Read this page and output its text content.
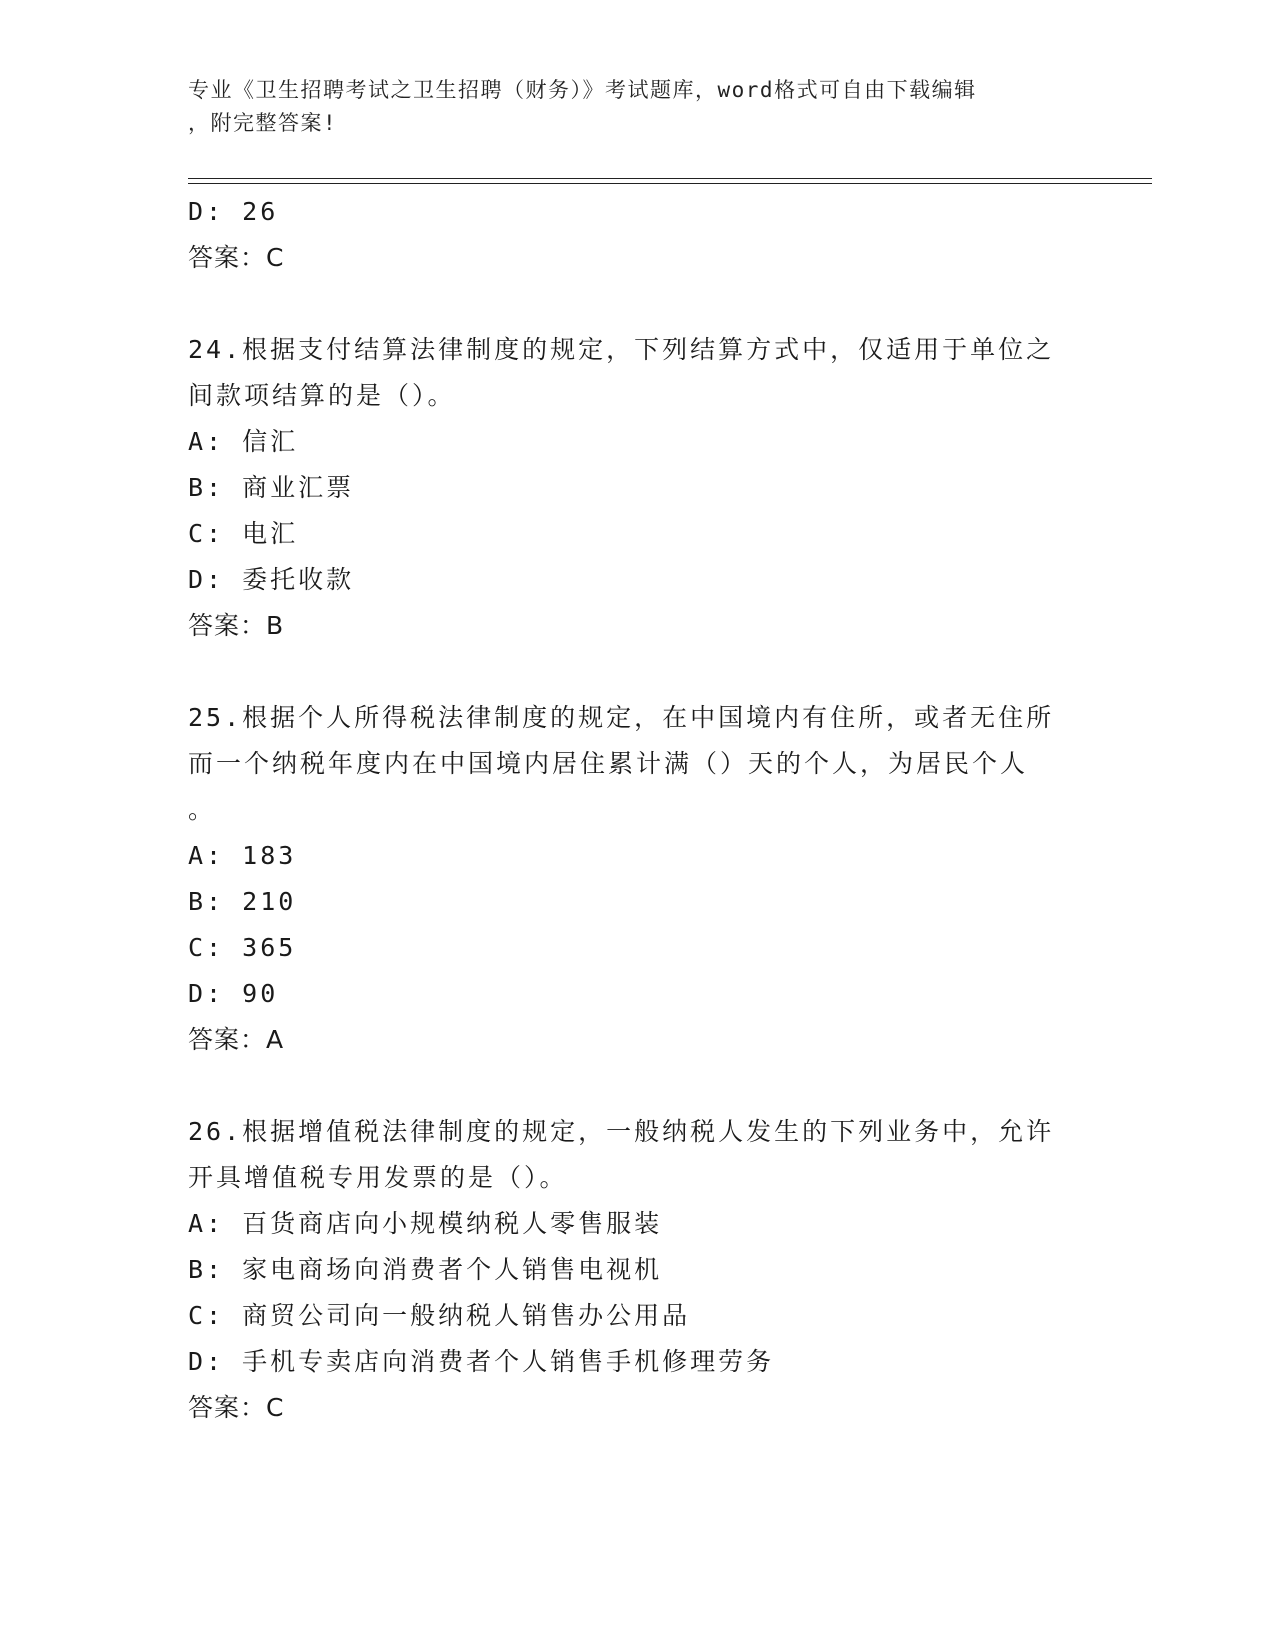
专业《卫生招聘考试之卫生招聘（财务）》考试题库，word格式可自由下载编辑
，附完整答案!
D: 26
答案：C
24.根据支付结算法律制度的规定，下列结算方式中，仅适用于单位之
间款项结算的是（）。
A: 信汇
B: 商业汇票
C: 电汇
D: 委托收款
答案：B
25.根据个人所得税法律制度的规定，在中国境内有住所，或者无住所
而一个纳税年度内在中国境内居住累计满（）天的个人，为居民个人
。
A: 183
B: 210
C: 365
D: 90
答案：A
26.根据增值税法律制度的规定，一般纳税人发生的下列业务中，允许
开具增值税专用发票的是（）。
A: 百货商店向小规模纳税人零售服装
B: 家电商场向消费者个人销售电视机
C: 商贸公司向一般纳税人销售办公用品
D: 手机专卖店向消费者个人销售手机修理劳务
答案：C
